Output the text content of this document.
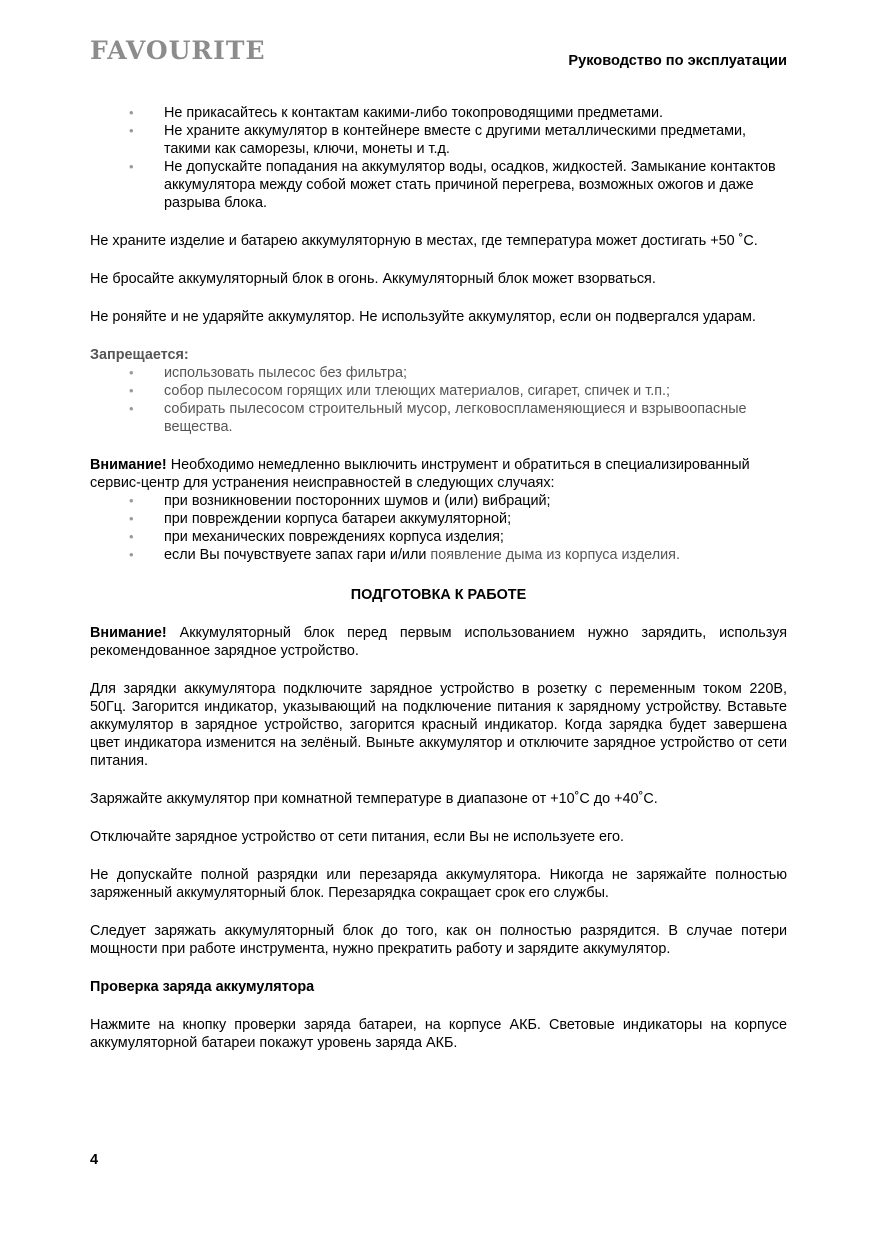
FAVOURITE	Руководство по эксплуатации
• Не прикасайтесь к контактам какими-либо токопроводящими предметами.
• Не храните аккумулятор в контейнере вместе с другими металлическими предметами, такими как саморезы, ключи, монеты и т.д.
• Не допускайте попадания на аккумулятор воды, осадков, жидкостей. Замыкание контактов аккумулятора между собой может стать причиной перегрева, возможных ожогов и даже разрыва блока.

Не храните изделие и батарею аккумуляторную в местах, где температура может достигать +50 ˚С.

Не бросайте аккумуляторный блок в огонь. Аккумуляторный блок может взорваться.

Не роняйте и не ударяйте аккумулятор. Не используйте аккумулятор, если он подвергался ударам.

Запрещается:
• использовать пылесос без фильтра;
• собор пылесосом горящих или тлеющих материалов, сигарет, спичек и т.п.;
• собирать пылесосом строительный мусор, легковоспламеняющиеся и взрывоопасные вещества.

Внимание! Необходимо немедленно выключить инструмент и обратиться в специализированный сервис-центр для устранения неисправностей в следующих случаях:

• при возникновении посторонних шумов и (или) вибраций;
• при повреждении корпуса батареи аккумуляторной;
• при механических повреждениях корпуса изделия;
• если Вы почувствуете запах гари и/или появление дыма из корпуса изделия.
ПОДГОТОВКА К РАБОТЕ

Внимание! Аккумуляторный блок перед первым использованием нужно зарядить, используя рекомендованное зарядное устройство.

Для зарядки аккумулятора подключите зарядное устройство в розетку с переменным током 220В, 50Гц. Загорится индикатор, указывающий на подключение питания к зарядному устройству. Вставьте аккумулятор в зарядное устройство, загорится красный индикатор. Когда зарядка будет завершена цвет индикатора изменится на зелёный. Выньте аккумулятор и отключите зарядное устройство от сети питания.

Заряжайте аккумулятор при комнатной температуре в диапазоне от +10˚С до +40˚С.

Отключайте зарядное устройство от сети питания, если Вы не используете его.

Не допускайте полной разрядки или перезаряда аккумулятора. Никогда не заряжайте полностью заряженный аккумуляторный блок. Перезарядка сокращает срок его службы.

Следует заряжать аккумуляторный блок до того, как он полностью разрядится. В случае потери мощности при работе инструмента, нужно прекратить работу и зарядите аккумулятор.

Проверка заряда аккумулятора

Нажмите на кнопку проверки заряда батареи, на корпусе АКБ. Световые индикаторы на корпусе аккумуляторной батареи покажут уровень заряда АКБ.

4
